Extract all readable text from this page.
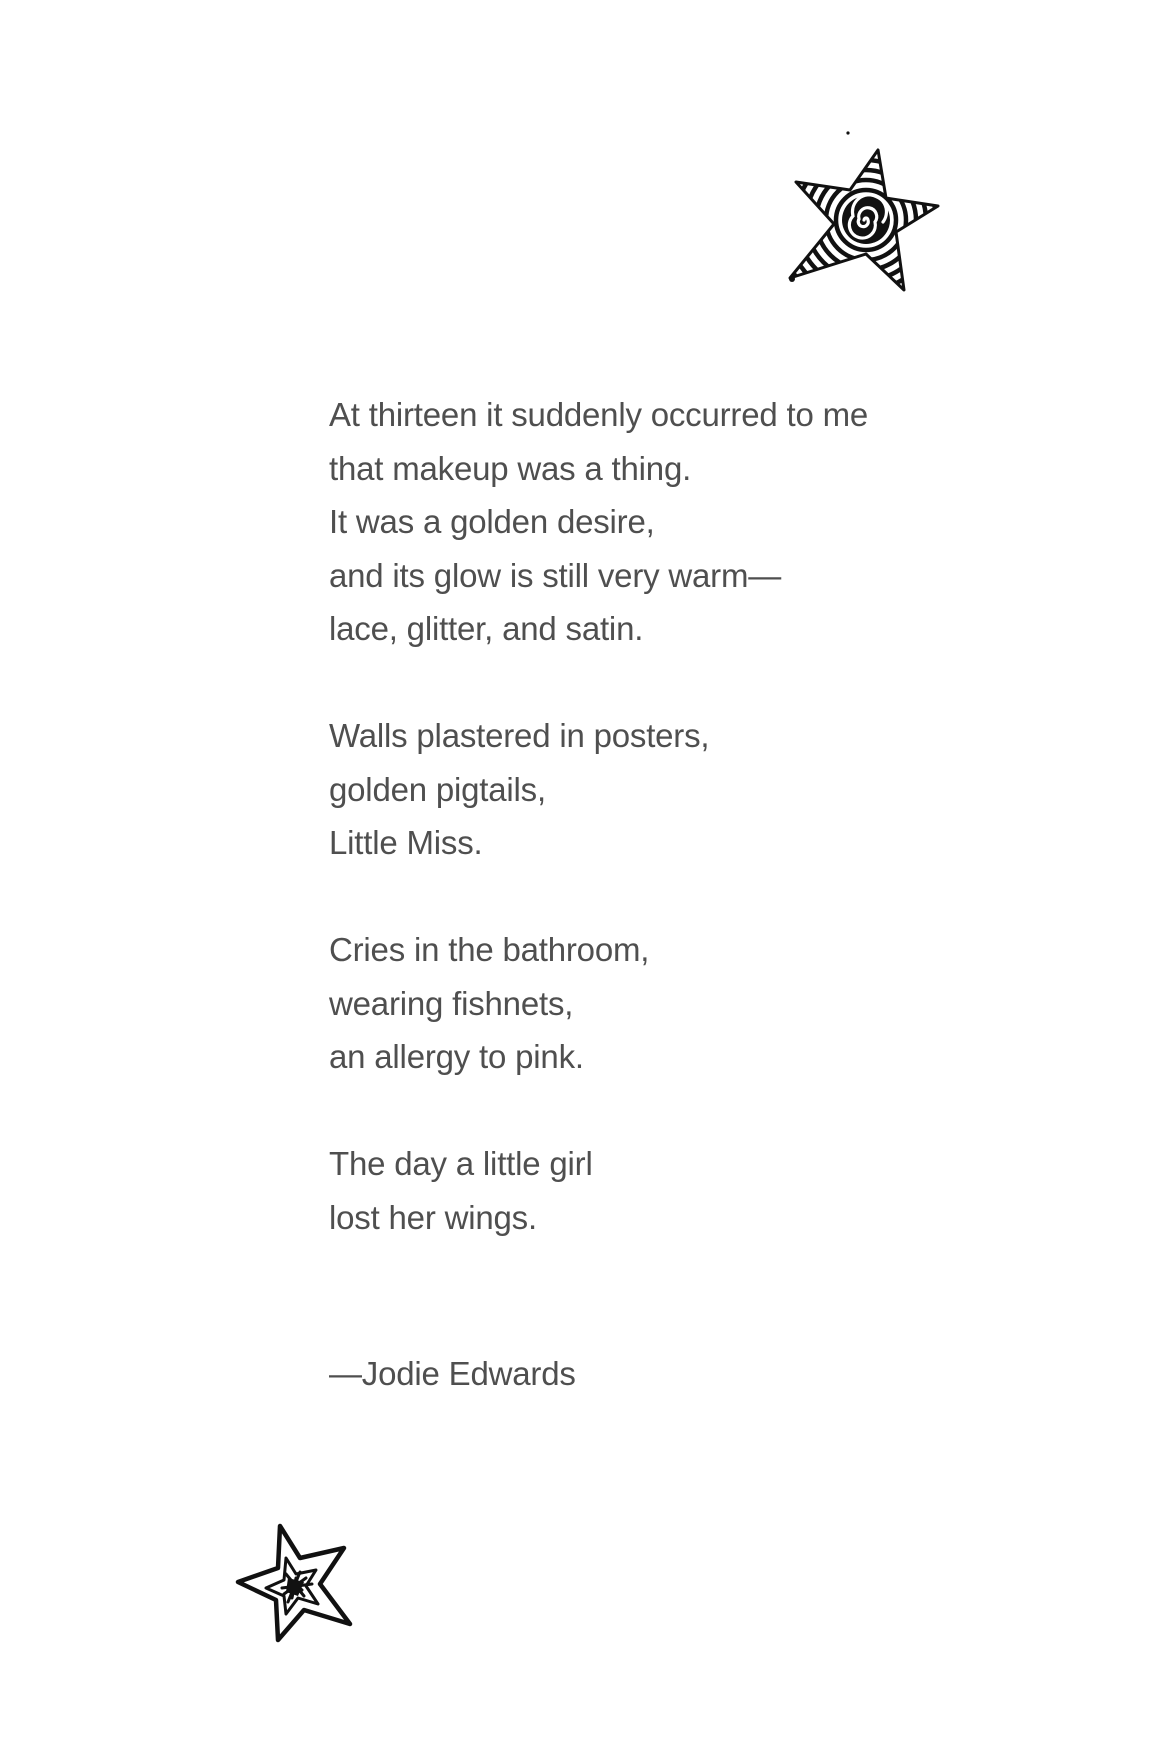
At thirteen it suddenly occurred to me
that makeup was a thing.
It was a golden desire,
and its glow is still very warm—
lace, glitter, and satin.

Walls plastered in posters,
golden pigtails,
Little Miss.

Cries in the bathroom,
wearing fishnets,
an allergy to pink.

The day a little girl
lost her wings.

—Jodie Edwards
